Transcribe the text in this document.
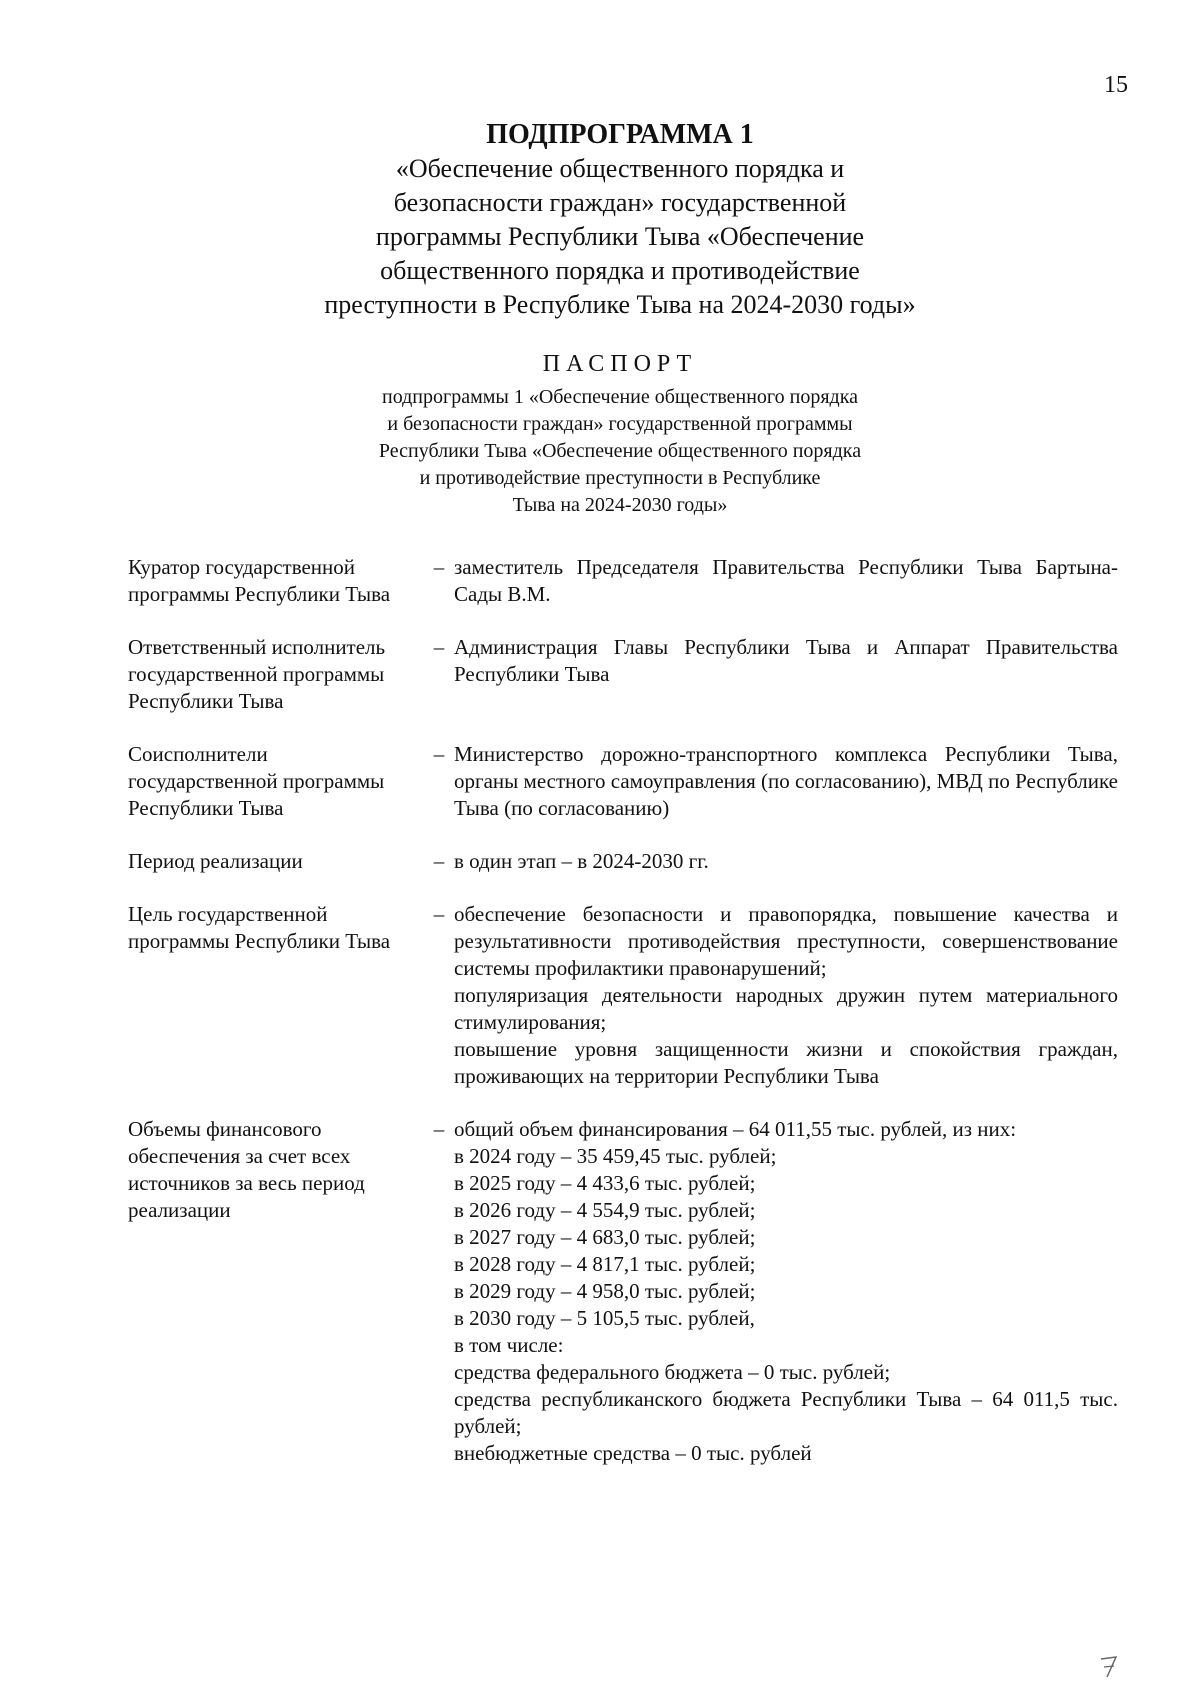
15
ПОДПРОГРАММА 1
«Обеспечение общественного порядка и
безопасности граждан» государственной
программы Республики Тыва «Обеспечение
общественного порядка и противодействие
преступности в Республике Тыва на 2024-2030 годы»
ПАСПОРТ
подпрограммы 1 «Обеспечение общественного порядка
и безопасности граждан» государственной программы
Республики Тыва «Обеспечение общественного порядка
и противодействие преступности в Республике
Тыва на 2024-2030 годы»
Куратор государственной программы Республики Тыва
– заместитель Председателя Правительства Республики Тыва Бартына-Сады В.М.
Ответственный исполнитель государственной программы Республики Тыва
– Администрация Главы Республики Тыва и Аппарат Правительства Республики Тыва
Соисполнители государственной программы Республики Тыва
– Министерство дорожно-транспортного комплекса Республики Тыва, органы местного самоуправления (по согласованию), МВД по Республике Тыва (по согласованию)
Период реализации	– в один этап – в 2024-2030 гг.
Цель государственной программы Республики Тыва
– обеспечение безопасности и правопорядка, повышение качества и результативности противодействия преступности, совершенствование системы профилактики правонарушений;
популяризация деятельности народных дружин путем материального стимулирования;
повышение уровня защищенности жизни и спокойствия граждан, проживающих на территории Республики Тыва
Объемы финансового обеспечения за счет всех источников за весь период реализации
– общий объем финансирования – 64 011,55 тыс. рублей, из них:
в 2024 году – 35 459,45 тыс. рублей;
в 2025 году – 4 433,6 тыс. рублей;
в 2026 году – 4 554,9 тыс. рублей;
в 2027 году – 4 683,0 тыс. рублей;
в 2028 году – 4 817,1 тыс. рублей;
в 2029 году – 4 958,0 тыс. рублей;
в 2030 году – 5 105,5 тыс. рублей,
в том числе:
средства федерального бюджета – 0 тыс. рублей;
средства республиканского бюджета Республики Тыва – 64 011,5 тыс. рублей;
внебюджетные средства – 0 тыс. рублей
